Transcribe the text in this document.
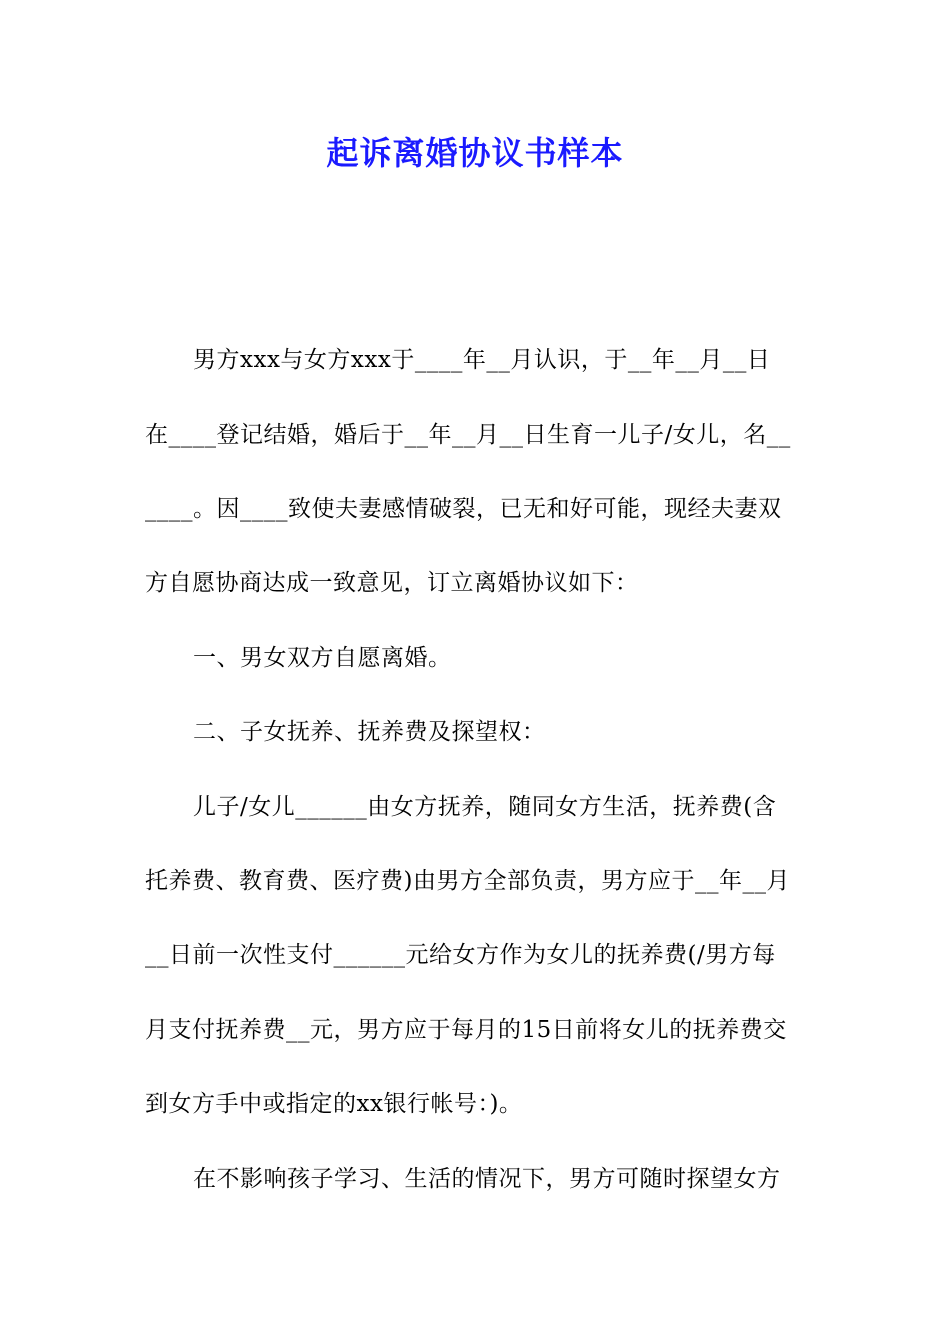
起诉离婚协议书样本
男方xxx与女方xxx于____年__月认识，于__年__月__日
在____登记结婚，婚后于__年__月__日生育一儿子/女儿，名__
____。因____致使夫妻感情破裂，已无和好可能，现经夫妻双
方自愿协商达成一致意见，订立离婚协议如下：
一、男女双方自愿离婚。
二、子女抚养、抚养费及探望权：
儿子/女儿______由女方抚养，随同女方生活，抚养费(含
托养费、教育费、医疗费)由男方全部负责，男方应于__年__月
__日前一次性支付______元给女方作为女儿的抚养费(/男方每
月支付抚养费__元，男方应于每月的15日前将女儿的抚养费交
到女方手中或指定的xx银行帐号：)。
在不影响孩子学习、生活的情况下，男方可随时探望女方
